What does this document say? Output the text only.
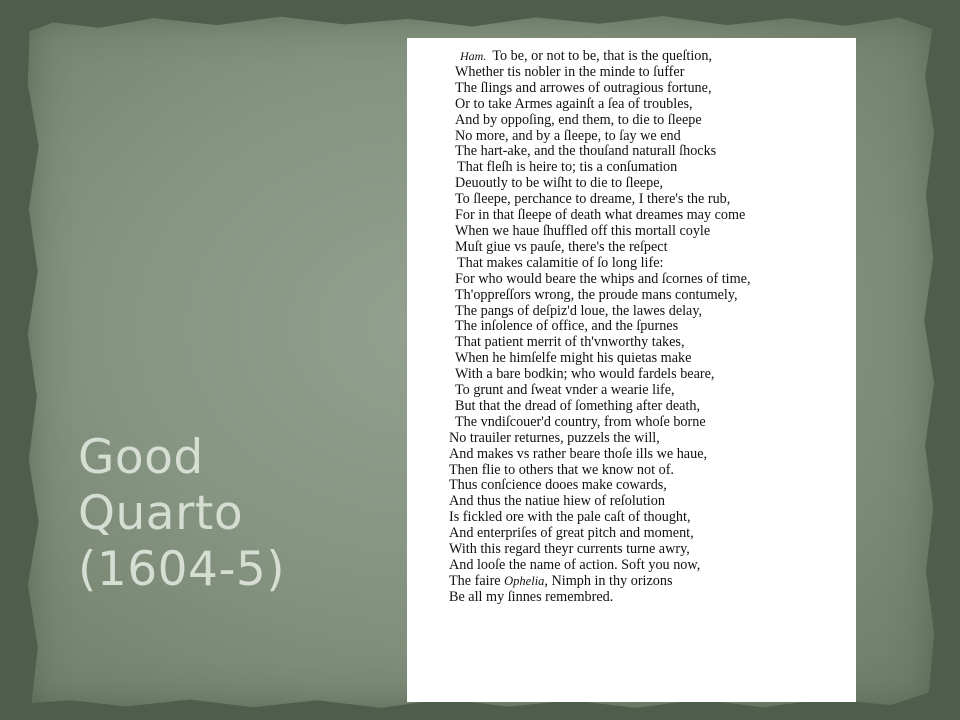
Good
Quarto
(1604-5)
Ham. To be, or not to be, that is the queſtion,
Whether tis nobler in the minde to ſuffer
The ſlings and arrowes of outragious fortune,
Or to take Armes againſt a ſea of troubles,
And by oppoſing, end them, to die to ſleepe
No more, and by a ſleepe, to ſay we end
The hart-ake, and the thouſand naturall ſhocks
That fleſh is heire to; tis a conſumation
Deuoutly to be wiſht to die to ſleepe,
To ſleepe, perchance to dreame, I there's the rub,
For in that ſleepe of death what dreames may come
When we haue ſhuffled off this mortall coyle
Muſt giue vs pauſe, there's the reſpect
That makes calamitie of ſo long life:
For who would beare the whips and ſcornes of time,
Th'oppreſſors wrong, the proude mans contumely,
The pangs of deſpiz'd loue, the lawes delay,
The inſolence of office, and the ſpurnes
That patient merrit of th'vnworthy takes,
When he himſelfe might his quietas make
With a bare bodkin; who would fardels beare,
To grunt and ſweat vnder a wearie life,
But that the dread of ſomething after death,
The vndiſcouer'd country, from whoſe borne
No trauiler returnes, puzzels the will,
And makes vs rather beare thoſe ills we haue,
Then flie to others that we know not of.
Thus conſcience dooes make cowards,
And thus the natiue hiew of reſolution
Is fickled ore with the pale caſt of thought,
And enterpriſes of great pitch and moment,
With this regard theyr currents turne awry,
And looſe the name of action. Soft you now,
The faire Ophelia, Nimph in thy orizons
Be all my ſinnes remembred.
